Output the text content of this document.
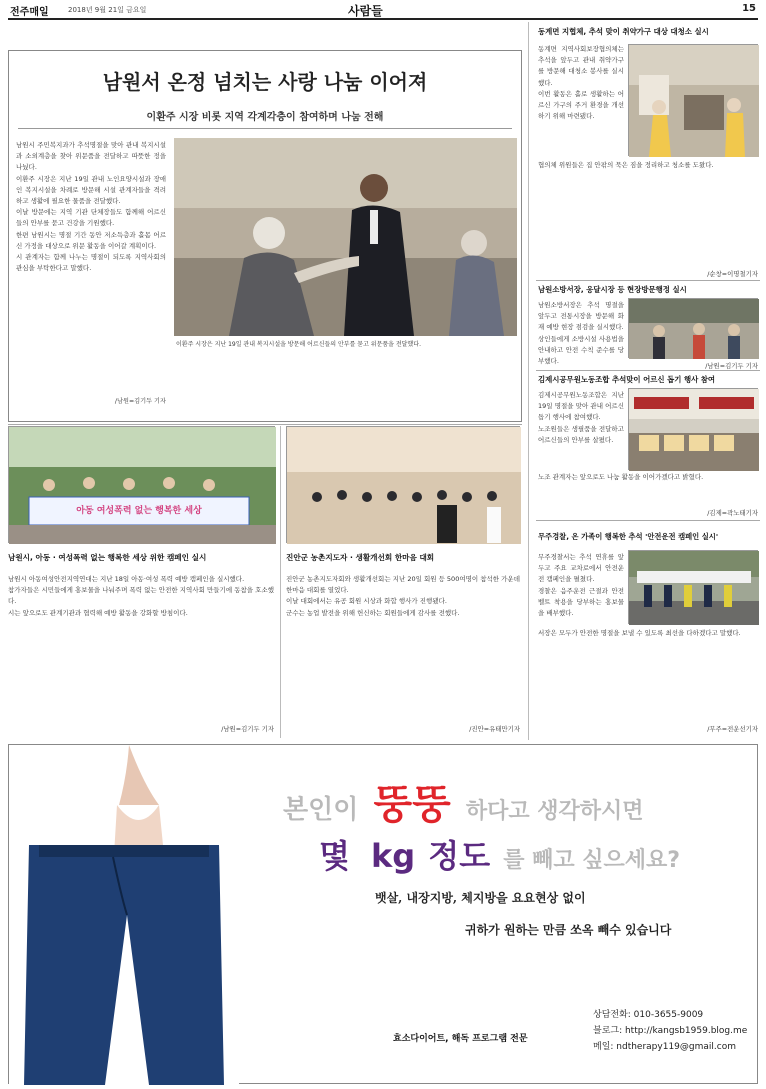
전주매일	2018년 9월 21일 금요일	사람들	15
남원서 온정 넘치는 사랑 나눔 이어져
이환주 시장 비롯 지역 각계각층이 참여하며 나눔 전해

남원시 주민복지과가 추석명절을 맞아 관내 복지시설과 소외계층을 찾아 위문품을 전달하고 따뜻한 정을 나눴다.

이환주 시장은 지난 19일 관내 노인요양시설과 장애인 복지시설을 차례로 방문해 시설 관계자들을 격려하고 생활에 필요한 물품을 전달했다.

이날 방문에는 지역 기관 단체장들도 함께해 어르신들의 안부를 묻고 건강을 기원했다.

한편 남원시는 명절 기간 동안 저소득층과 홀몸 어르신 가정을 대상으로 위문 활동을 이어갈 계획이다.

시 관계자는 함께 나누는 명절이 되도록 지역사회의 관심을 부탁한다고 말했다.

/남원=김기두 기자
이환주 시장은 지난 19일 관내 복지시설을 방문해 어르신들의 안부를 묻고 위문품을 전달했다.
동계면 지협체, 추석 맞이 취약가구 대상 대청소 실시

동계면 지역사회보장협의체는 추석을 앞두고 관내 취약가구를 방문해 대청소 봉사를 실시했다.

이번 활동은 홀로 생활하는 어르신 가구의 주거 환경을 개선하기 위해 마련됐다.

협의체 위원들은 집 안팎의 묵은 짐을 정리하고 청소를 도왔다.

/순창=이명철기자
남원소방서장, 옹달시장 등 현장방문행정 실시

남원소방서장은 추석 명절을 앞두고 전통시장을 방문해 화재 예방 현장 점검을 실시했다.

상인들에게 소방시설 사용법을 안내하고 안전 수칙 준수를 당부했다.

/남원=김기두 기자
김제시공무원노동조합 추석맞이 어르신 돕기 행사 참여

김제시공무원노동조합은 지난 19일 명절을 맞아 관내 어르신 돕기 행사에 참여했다.

노조원들은 생필품을 전달하고 어르신들의 안부를 살폈다.

노조 관계자는 앞으로도 나눔 활동을 이어가겠다고 밝혔다.

/김제=곽노태기자
무주경찰, 온 가족이 행복한 추석 '안전운전 캠페인 실시'

무주경찰서는 추석 연휴를 앞두고 주요 교차로에서 안전운전 캠페인을 펼쳤다.

경찰은 음주운전 근절과 안전벨트 착용을 당부하는 홍보물을 배부했다.

서장은 모두가 안전한 명절을 보낼 수 있도록 최선을 다하겠다고 말했다.

/무주=전운선기자
아동 여성폭력 없는 행복한 세상
남원시, 아동 · 여성폭력 없는 행복한 세상 위한 캠페인 실시

남원시 아동여성안전지역연대는 지난 18일 아동·여성 폭력 예방 캠페인을 실시했다.

참가자들은 시민들에게 홍보물을 나눠주며 폭력 없는 안전한 지역사회 만들기에 동참을 호소했다.

시는 앞으로도 관계기관과 협력해 예방 활동을 강화할 방침이다.

/남원=김기두 기자
진안군 농촌지도자 · 생활개선회 한마음 대회

진안군 농촌지도자회와 생활개선회는 지난 20일 회원 등 500여명이 참석한 가운데 한마음 대회를 열었다.

이날 대회에서는 유공 회원 시상과 화합 행사가 진행됐다.

군수는 농업 발전을 위해 헌신하는 회원들에게 감사를 전했다.

/진안=유태만기자
본인이 뚱뚱 하다고 생각하시면
몇 kg 정도 를 빼고 싶으세요?
뱃살, 내장지방, 체지방을 요요현상 없이
귀하가 원하는 만큼 쏘옥 빼수 있습니다
효소다이어트, 해독 프로그램 전문
상담전화: 010-3655-9009
블로그: http://kangsb1959.blog.me
메일: ndtherapy119@gmail.com
